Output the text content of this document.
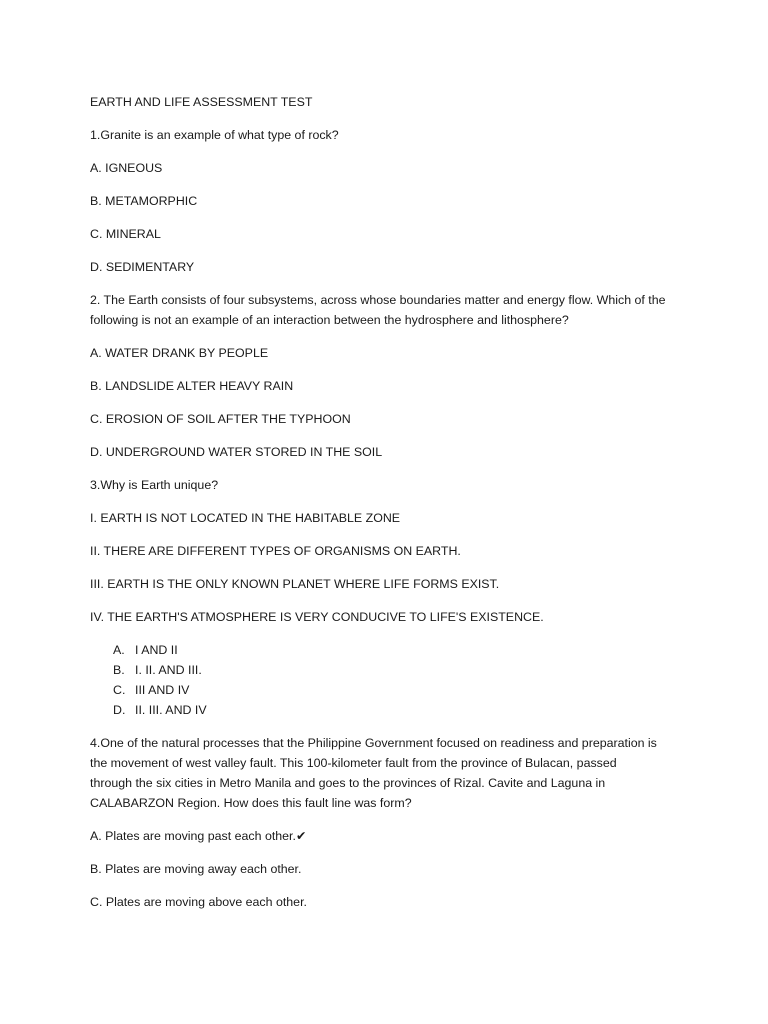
EARTH AND LIFE ASSESSMENT TEST

1.Granite is an example of what type of rock?

A. IGNEOUS

B. METAMORPHIC

C. MINERAL

D. SEDIMENTARY

2. The Earth consists of four subsystems, across whose boundaries matter and energy flow. Which of the following is not an example of an interaction between the hydrosphere and lithosphere?

A. WATER DRANK BY PEOPLE

B. LANDSLIDE ALTER HEAVY RAIN

C. EROSION OF SOIL AFTER THE TYPHOON

D. UNDERGROUND WATER STORED IN THE SOIL

3.Why is Earth unique?

I. EARTH IS NOT LOCATED IN THE HABITABLE ZONE

II. THERE ARE DIFFERENT TYPES OF ORGANISMS ON EARTH.

III. EARTH IS THE ONLY KNOWN PLANET WHERE LIFE FORMS EXIST.

IV. THE EARTH'S ATMOSPHERE IS VERY CONDUCIVE TO LIFE'S EXISTENCE.

A. I AND II
B. I. II. AND III.
C. III AND IV
D. II. III. AND IV
4.One of the natural processes that the Philippine Government focused on readiness and preparation is
the movement of west valley fault. This 100-kilometer fault from the province of Bulacan, passed
through the six cities in Metro Manila and goes to the provinces of Rizal. Cavite and Laguna in
CALABARZON Region. How does this fault line was form?

A. Plates are moving past each other.✔

B. Plates are moving away each other.

C. Plates are moving above each other.
